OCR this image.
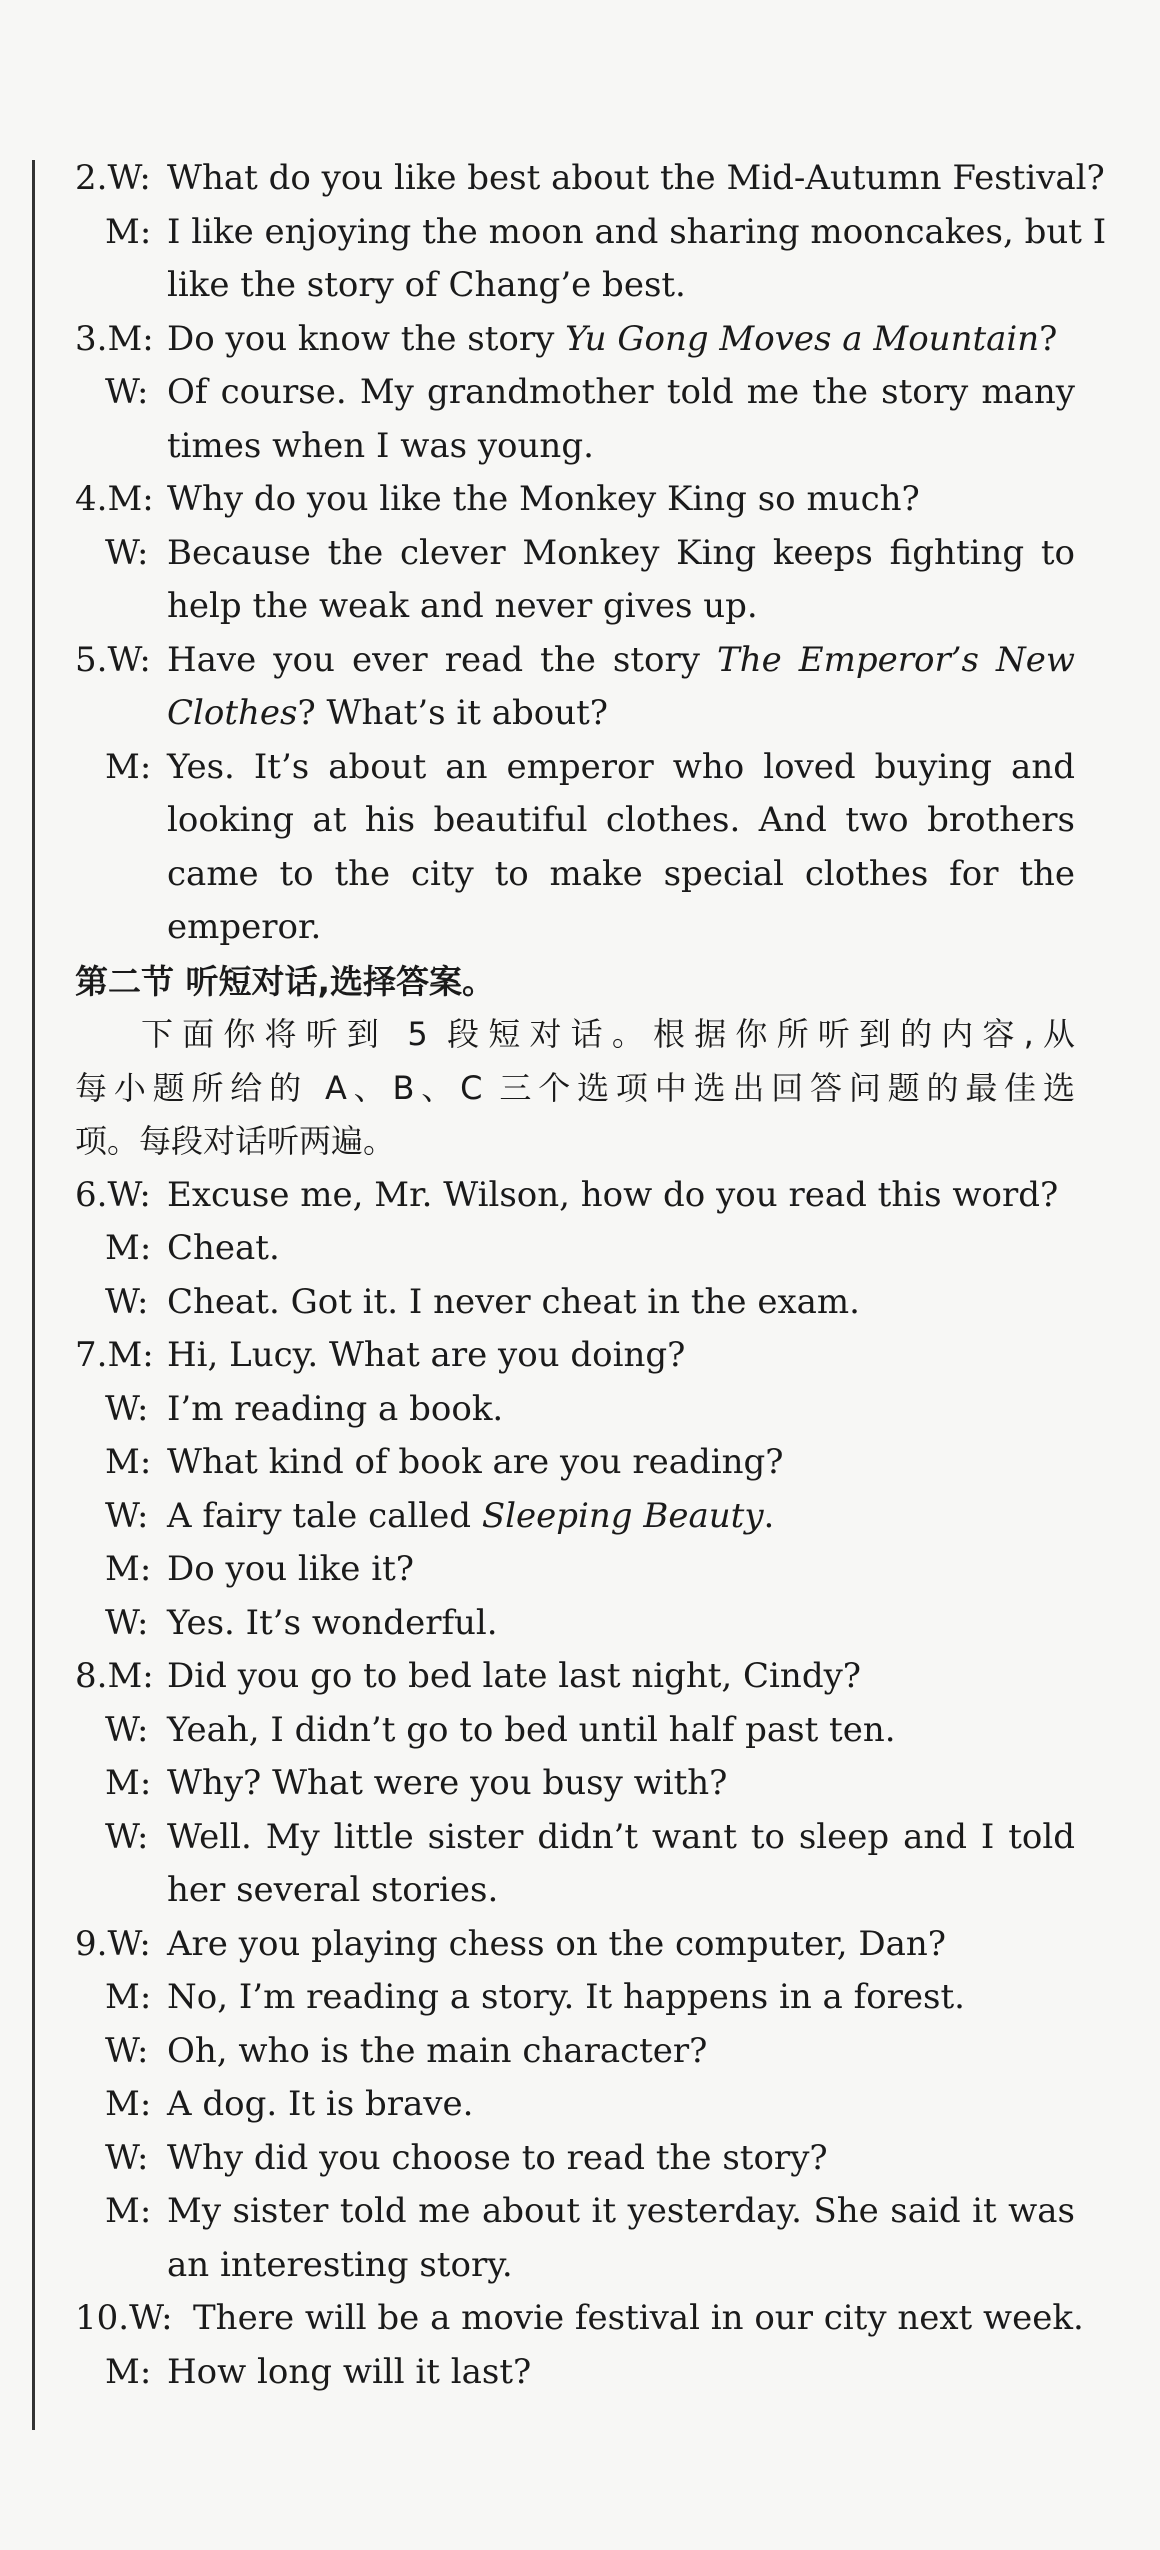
2.W: What do you like best about the Mid-Autumn Festival?
M: I like enjoying the moon and sharing mooncakes, but I
like the story of Chang’e best.
3.M: Do you know the story Yu Gong Moves a Mountain?
W: Of course. My grandmother told me the story many
times when I was young.
4.M: Why do you like the Monkey King so much?
W: Because the clever Monkey King keeps fighting to
help the weak and never gives up.
5.W: Have you ever read the story The Emperor’s New
Clothes? What’s it about?
M: Yes. It’s about an emperor who loved buying and
looking at his beautiful clothes. And two brothers
came to the city to make special clothes for the
emperor.
第二节 听短对话,选择答案。
下面你将听到 5 段短对话。根据你所听到的内容,从
每小题所给的 A、B、C 三个选项中选出回答问题的最佳选
项。每段对话听两遍。
6.W: Excuse me, Mr. Wilson, how do you read this word?
M: Cheat.
W: Cheat. Got it. I never cheat in the exam.
7.M: Hi, Lucy. What are you doing?
W: I’m reading a book.
M: What kind of book are you reading?
W: A fairy tale called Sleeping Beauty.
M: Do you like it?
W: Yes. It’s wonderful.
8.M: Did you go to bed late last night, Cindy?
W: Yeah, I didn’t go to bed until half past ten.
M: Why? What were you busy with?
W: Well. My little sister didn’t want to sleep and I told
her several stories.
9.W: Are you playing chess on the computer, Dan?
M: No, I’m reading a story. It happens in a forest.
W: Oh, who is the main character?
M: A dog. It is brave.
W: Why did you choose to read the story?
M: My sister told me about it yesterday. She said it was
an interesting story.
10.W: There will be a movie festival in our city next week.
M: How long will it last?
